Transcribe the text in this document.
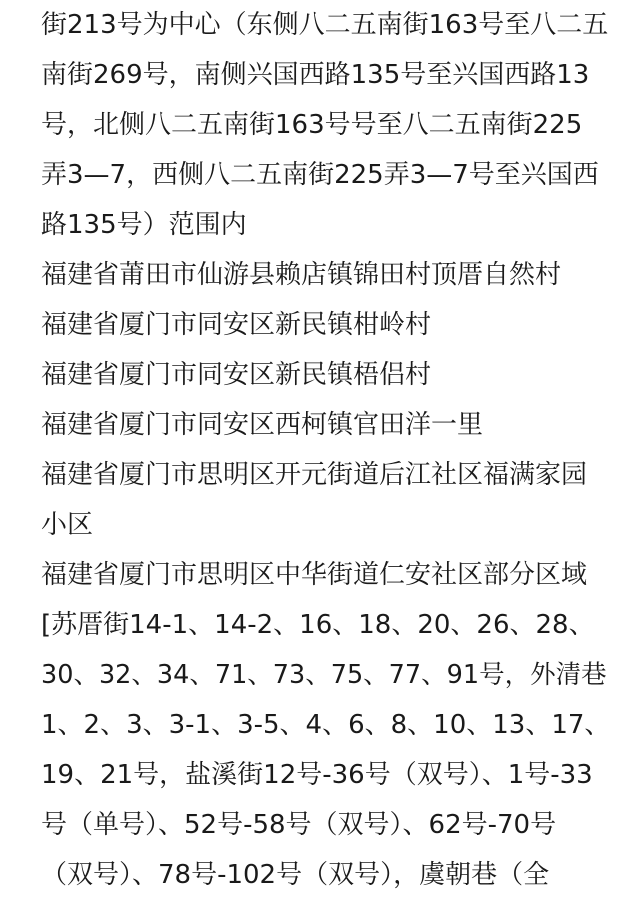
街213号为中心（东侧八二五南街163号至八二五
南街269号，南侧兴国西路135号至兴国西路13
号，北侧八二五南街163号号至八二五南街225
弄3—7，西侧八二五南街225弄3—7号至兴国西
路135号）范围内
福建省莆田市仙游县赖店镇锦田村顶厝自然村
福建省厦门市同安区新民镇柑岭村
福建省厦门市同安区新民镇梧侣村
福建省厦门市同安区西柯镇官田洋一里
福建省厦门市思明区开元街道后江社区福满家园
小区
福建省厦门市思明区中华街道仁安社区部分区域
[苏厝街14-1、14-2、16、18、20、26、28、
30、32、34、71、73、75、77、91号，外清巷
1、2、3、3-1、3-5、4、6、8、10、13、17、
19、21号，盐溪街12号-36号（双号）、1号-33
号（单号）、52号-58号（双号）、62号-70号
（双号）、78号-102号（双号），虞朝巷（全
